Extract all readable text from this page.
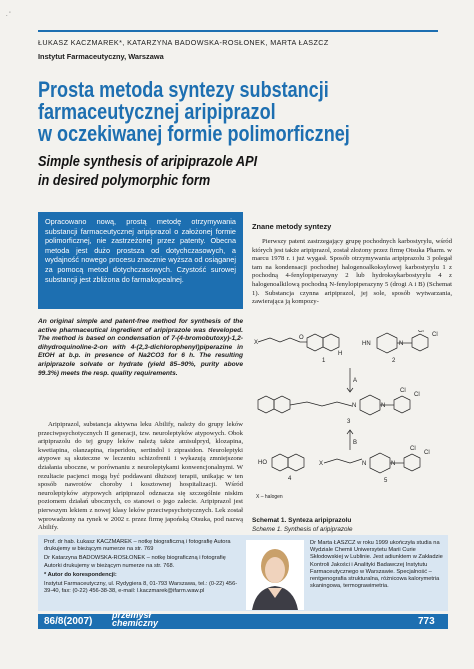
. '
ŁUKASZ KACZMAREK*, KATARZYNA BADOWSKA-ROSŁONEK, MARTA ŁASZCZ
Instytut Farmaceutyczny, Warszawa
Prosta metoda syntezy substancji
farmaceutycznej aripiprazol
w oczekiwanej formie polimorficznej
Simple synthesis of aripiprazole API
in desired polymorphic form
Opracowano nową, prostą metodę otrzymywania substancji farmaceutycznej aripiprazol o założonej formie polimorficznej, nie zastrzeżonej przez patenty. Obecna metoda jest dużo prostsza od dotychczasowych, a wydajność nowego procesu znacznie wyższa od osiąganej za pomocą metod dotychczasowych. Czystość surowej substancji jest zbliżona do farmakopealnej.
An original simple and patent-free method for synthesis of the active pharmaceutical ingredient of aripiprazole was developed. The method is based on condensation of 7-(4-bromobutoxy)-1,2-dihydroquinoline-2-on with 4-(2,3-dichlorophenyl)piperazine in EtOH at b.p. in presence of Na2CO3 for 6 h. The resulting aripiprazole solvate or hydrate (yield 85–90%, purity above 99.3%) meets the resp. quality requirements.
Aripiprazol, substancja aktywna leku Abilify, należy do grupy leków przeciwpsychotycznych II generacji, tzw. neuroleptyków atypowych. Obok aripiprazolu do tej grupy leków należą także amisulpryd, klozapina, kwetiapina, olanzapina, risperidon, sertindol i ziprasidon. Neuroleptyki atypowe są skuteczne w leczeniu schizofrenii i wykazują zmniejszone działania uboczne, w porównaniu z neuroleptykami konwencjonalnymi. W rezultacie pacjenci mogą być poddawani dłuższej terapii, unikając w ten sposób nawrotów choroby i kosztownej hospitalizacji. Wśród neuroleptyków atypowych aripiprazol odznacza się szczególnie niskim poziomem działań ubocznych, co stanowi o jego zalecie. Aripiprazol jest pierwszym lekiem z nowej klasy leków przeciwpsychotycznych. Lek został wprowadzony na rynek w 2002 r. przez firmę japońską Otsuka, pod nazwą Abilify.
Znane metody syntezy
Pierwszy patent zastrzegający grupę pochodnych karbostyrylu, wśród których jest także aripiprazol, został złożony przez firmę Otsuka Pharm. w marcu 1978 r. i już wygasł. Sposób otrzymywania aripiprazolu 3 polegał tam na kondensacji pochodnej halogenoalkoksylowej karbostyrylu 1 z pochodną 4-fenylopiperazyny 2 lub hydroksykarbostyrylu 4 z halogenoalkilową pochodną N-fenylopiperazyny 5 (drogi A i B) (Schemat 1). Substancja czynna aripiprazol, jej sole, sposób wytwarzania, zawierająca ją kompozy-
X
O
H
1
HN	N
Cl
Cl
2
A
N	N
Cl
Cl
3
B
HO
4
X	N	N
Cl
Cl
5
X – halogen
Schemat 1. Synteza aripiprazolu
Scheme 1. Synthesis of aripiprazole

Prof. dr hab. Łukasz KACZMAREK – notkę biograficzną i fotografię Autora drukujemy w bieżącym numerze na str. 769

Dr Katarzyna BADOWSKA-ROSŁONEK – notkę biograficzną i fotografię Autorki drukujemy w bieżącym numerze na str. 768.

* Autor do korespondencji:

Instytut Farmaceutyczny, ul. Rydygiera 8, 01-793 Warszawa, tel.: (0-22) 456-39-40, fax: (0-22) 456-38-38, e-mail: l.kaczmarek@ifarm.waw.pl

Dr Marta ŁASZCZ w roku 1999 ukończyła studia na Wydziale Chemii Uniwersytetu Marii Curie Skłodowskiej w Lublinie. Jest adiunktem w Zakładzie Kontroli Jakości i Analityki Badawczej Instytutu Farmaceutycznego w Warszawie. Specjalność – rentgenografia strukturalna, różnicowa kalorymetria skaningowa, termograwimetria.
86/8(2007)
przemysł
chemiczny	773
